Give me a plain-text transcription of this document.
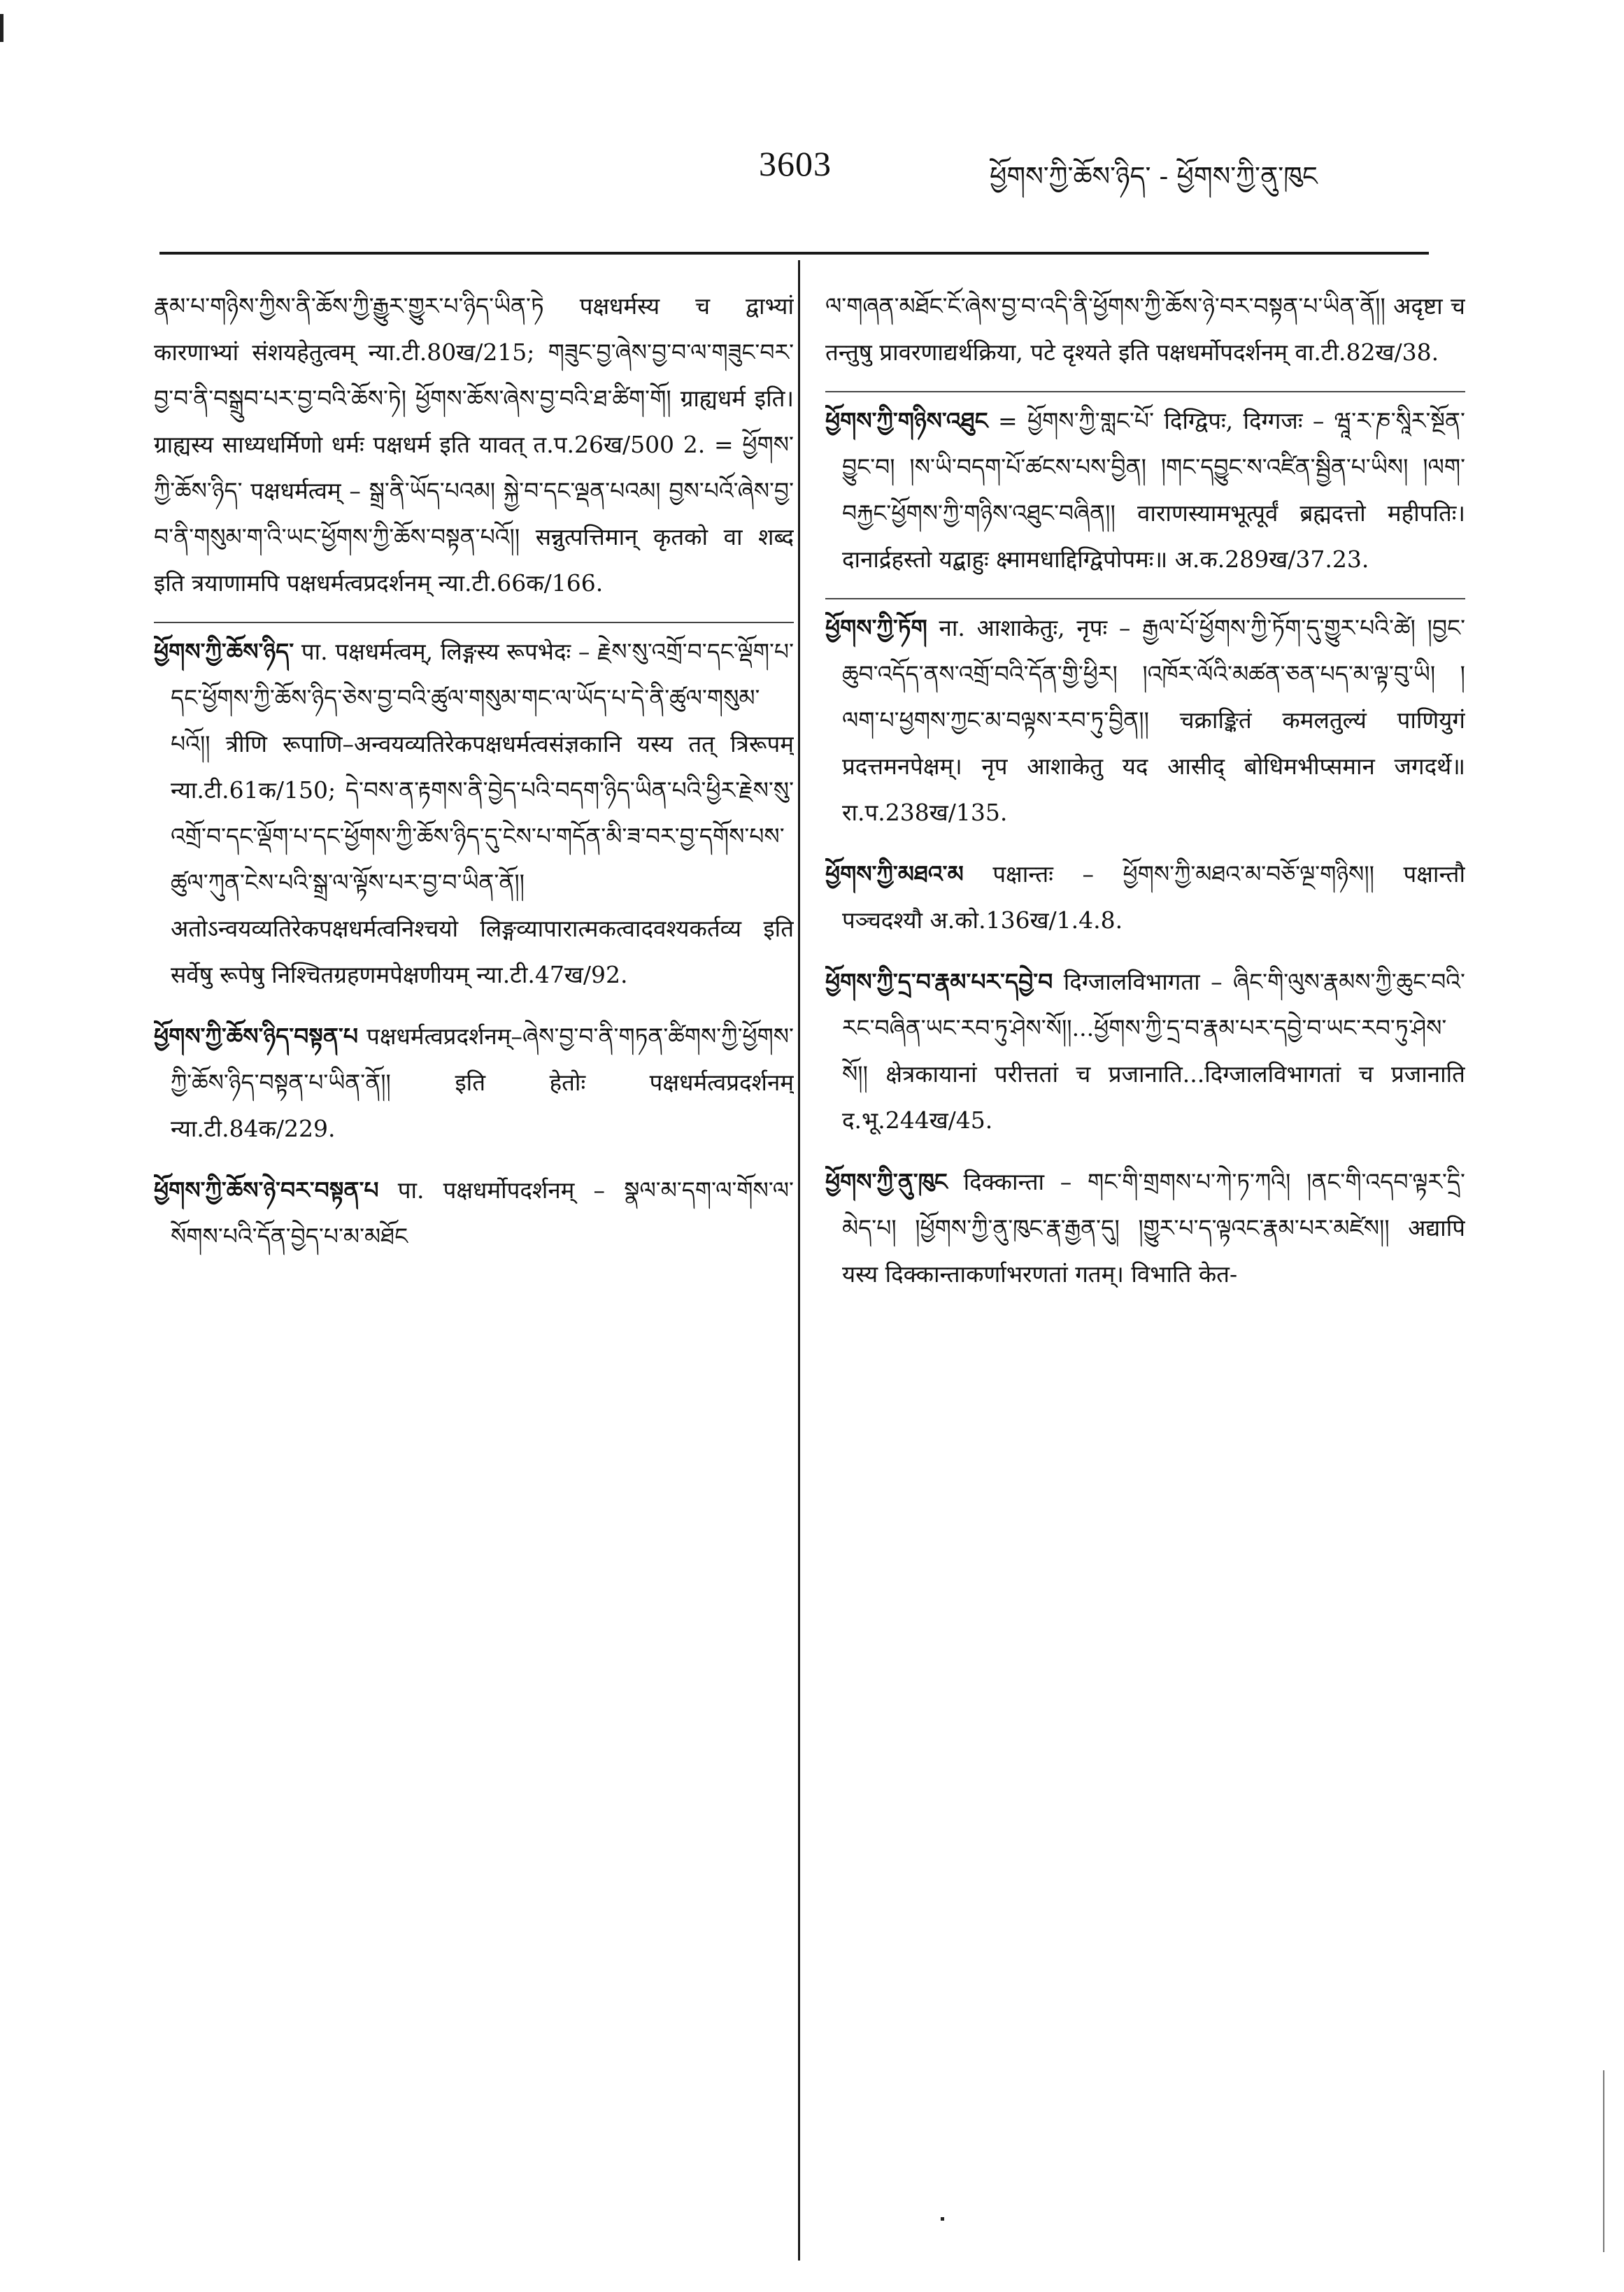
3603	ཕྱོགས་ཀྱི་ཆོས་ཉིད་ - ཕྱོགས་ཀྱི་ནུ་ཁུང

རྣམ་པ་གཉིས་ཀྱིས་ནི་ཆོས་ཀྱི་རྒྱུར་གྱུར་པ་ཉིད་ཡིན་ཏེ पक्षधर्मस्य च द्वाभ्यां कारणाभ्यां संशयहेतुत्वम् न्या.टी.80ख/215; གཟུང་བྱ་ཞེས་བྱ་བ་ལ་གཟུང་བར་བྱ་བ་ནི་བསྒྲུབ་པར་བྱ་བའི་ཆོས་ཏེ། ཕྱོགས་ཆོས་ཞེས་བྱ་བའི་ཐ་ཚིག་གོ། ग्राह्यधर्म इति। ग्राह्यस्य साध्यधर्मिणो धर्मः पक्षधर्म इति यावत् त.प.26ख/500 2. = ཕྱོགས་ཀྱི་ཆོས་ཉིད་ पक्षधर्मत्वम् – སྒྲ་ནི་ཡོད་པའམ། སྐྱེ་བ་དང་ལྡན་པའམ། བྱས་པའོ་ཞེས་བྱ་བ་ནི་གསུམ་ག་འི་ཡང་ཕྱོགས་ཀྱི་ཆོས་བསྟན་པའོ།། सन्नुत्पत्तिमान् कृतको वा शब्द इति त्रयाणामपि पक्षधर्मत्वप्रदर्शनम् न्या.टी.66क/166.

ཕྱོགས་ཀྱི་ཆོས་ཉིད་ पा. पक्षधर्मत्वम्, लिङ्गस्य रूपभेदः – རྗེས་སུ་འགྲོ་བ་དང་ལྡོག་པ་དང་ཕྱོགས་ཀྱི་ཆོས་ཉིད་ཅེས་བྱ་བའི་ཚུལ་གསུམ་གང་ལ་ཡོད་པ་དེ་ནི་ཚུལ་གསུམ་པའོ།། त्रीणि रूपाणि–अन्वयव्यतिरेकपक्षधर्मत्वसंज्ञकानि यस्य तत् त्रिरूपम् न्या.टी.61क/150; དེ་བས་ན་རྟགས་ནི་བྱེད་པའི་བདག་ཉིད་ཡིན་པའི་ཕྱིར་རྗེས་སུ་འགྲོ་བ་དང་ལྡོག་པ་དང་ཕྱོགས་ཀྱི་ཆོས་ཉིད་དུ་ངེས་པ་གདོན་མི་ཟ་བར་བྱ་དགོས་པས་ཚུལ་ཀུན་ངེས་པའི་སྒྲ་ལ་ལྟོས་པར་བྱ་བ་ཡིན་ནོ།། अतोऽन्वयव्यतिरेकपक्षधर्मत्वनिश्चयो लिङ्गव्यापारात्मकत्वादवश्यकर्तव्य इति सर्वेषु रूपेषु निश्चितग्रहणमपेक्षणीयम् न्या.टी.47ख/92.

ཕྱོགས་ཀྱི་ཆོས་ཉིད་བསྟན་པ पक्षधर्मत्वप्रदर्शनम्–ཞེས་བྱ་བ་ནི་གཏན་ཚིགས་ཀྱི་ཕྱོགས་ཀྱི་ཆོས་ཉིད་བསྟན་པ་ཡིན་ནོ།། इति हेतोः पक्षधर्मत्वप्रदर्शनम् न्या.टी.84क/229.

ཕྱོགས་ཀྱི་ཆོས་ཉེ་བར་བསྟན་པ पा. पक्षधर्मोपदर्शनम् – སྣལ་མ་དག་ལ་གོས་ལ་སོགས་པའི་དོན་བྱེད་པ་མ་མཐོང

ལ་གཞན་མཐོང་ངོ་ཞེས་བྱ་བ་འདི་ནི་ཕྱོགས་ཀྱི་ཆོས་ཉེ་བར་བསྟན་པ་ཡིན་ནོ།། अदृष्टा च तन्तुषु प्रावरणाद्यर्थक्रिया, पटे दृश्यते इति पक्षधर्मोपदर्शनम् वा.टी.82ख/38.

ཕྱོགས་ཀྱི་གཉིས་འཐུང = ཕྱོགས་ཀྱི་གླང་པོ་ दिग्द्विपः, दिग्गजः – ཝཱ་ར་ཎ་སཱིར་སྔོན་བྱུང་བ། །ས་ཡི་བདག་པོ་ཚངས་པས་བྱིན། །གང་དབྱུང་ས་འཛིན་སྦྱིན་པ་ཡིས། །ལག་བརྐྱང་ཕྱོགས་ཀྱི་གཉིས་འཐུང་བཞིན།། वाराणस्यामभूत्पूर्वं ब्रह्मदत्तो महीपतिः। दानार्द्रहस्तो यद्बाहुः क्ष्मामधाद्दिग्द्विपोपमः॥ अ.क.289ख/37.23.

ཕྱོགས་ཀྱི་ཏོག ना. आशाकेतुः, नृपः – རྒྱལ་པོ་ཕྱོགས་ཀྱི་ཏོག་དུ་གྱུར་པའི་ཚེ། །བྱང་ཆུབ་འདོད་ནས་འགྲོ་བའི་དོན་གྱི་ཕྱིར། །འཁོར་ལོའི་མཚན་ཅན་པད་མ་ལྟ་བུ་ཡི། །ལག་པ་ཕྱགས་ཀྱང་མ་བལྟས་རབ་ཏུ་བྱིན།། चक्राङ्कितं कमलतुल्यं पाणियुगं प्रदत्तमनपेक्षम्। नृप आशाकेतु यद आसीद् बोधिमभीप्समान जगदर्थे॥ रा.प.238ख/135.

ཕྱོགས་ཀྱི་མཐའ་མ पक्षान्तः – ཕྱོགས་ཀྱི་མཐའ་མ་བཅོ་ལྔ་གཉིས།། पक्षान्तौ पञ्चदश्यौ अ.को.136ख/1.4.8.

ཕྱོགས་ཀྱི་དྲ་བ་རྣམ་པར་དབྱེ་བ दिग्जालविभागता – ཞིང་གི་ལུས་རྣམས་ཀྱི་ཆུང་བའི་རང་བཞིན་ཡང་རབ་ཏུ་ཤེས་སོ།།...ཕྱོགས་ཀྱི་དྲ་བ་རྣམ་པར་དབྱེ་བ་ཡང་རབ་ཏུ་ཤེས་སོ།། क्षेत्रकायानां परीत्ततां च प्रजानाति...दिग्जालविभागतां च प्रजानाति द.भू.244ख/45.

ཕྱོགས་ཀྱི་ནུ་ཁུང दिक्कान्ता – གང་གི་གྲགས་པ་ཀེ་ཏ་ཀའི། །ནང་གི་འདབ་ལྟར་དྲི་མེད་པ། །ཕྱོགས་ཀྱི་ནུ་ཁུང་རྣ་རྒྱན་དུ། །གྱུར་པ་ད་ལྟའང་རྣམ་པར་མཛེས།། अद्यापि यस्य दिक्कान्ताकर्णाभरणतां गतम्। विभाति केत-
